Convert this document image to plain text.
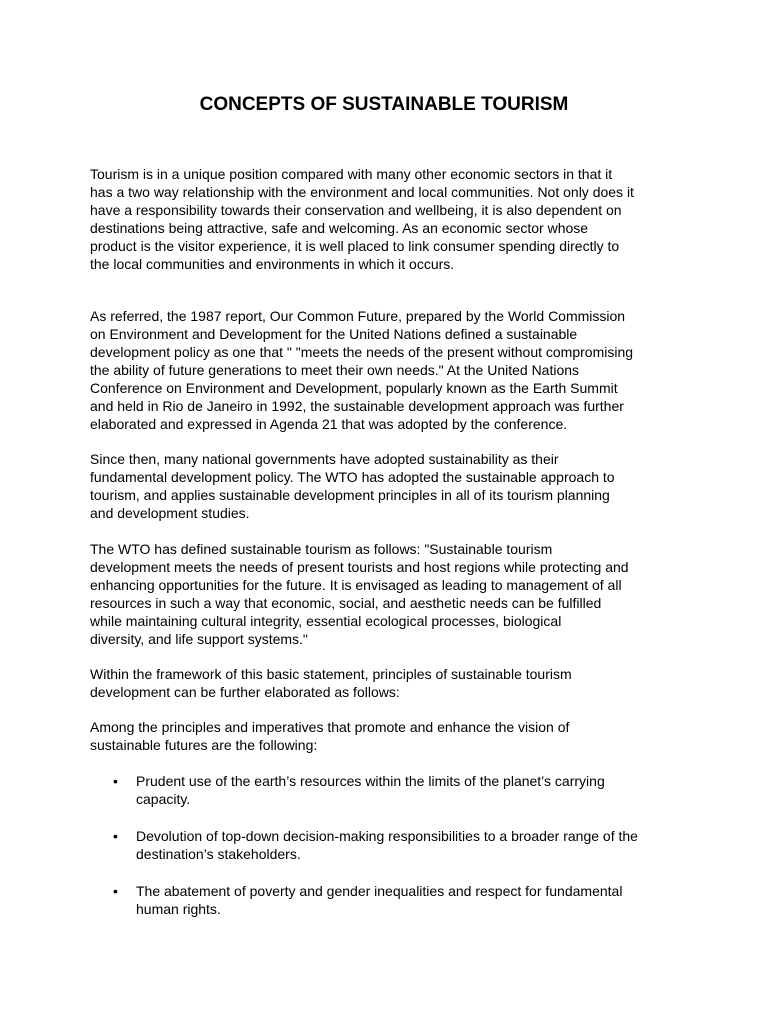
CONCEPTS OF SUSTAINABLE TOURISM

Tourism is in a unique position compared with many other economic sectors in that it
has a two way relationship with the environment and local communities. Not only does it
have a responsibility towards their conservation and wellbeing, it is also dependent on
destinations being attractive, safe and welcoming. As an economic sector whose
product is the visitor experience, it is well placed to link consumer spending directly to
the local communities and environments in which it occurs.

As referred, the 1987 report, Our Common Future, prepared by the World Commission
on Environment and Development for the United Nations defined a sustainable
development policy as one that " "meets the needs of the present without compromising
the ability of future generations to meet their own needs." At the United Nations
Conference on Environment and Development, popularly known as the Earth Summit
and held in Rio de Janeiro in 1992, the sustainable development approach was further
elaborated and expressed in Agenda 21 that was adopted by the conference.

Since then, many national governments have adopted sustainability as their
fundamental development policy. The WTO has adopted the sustainable approach to
tourism, and applies sustainable development principles in all of its tourism planning
and development studies.

The WTO has defined sustainable tourism as follows: "Sustainable tourism
development meets the needs of present tourists and host regions while protecting and
enhancing opportunities for the future. It is envisaged as leading to management of all
resources in such a way that economic, social, and aesthetic needs can be fulfilled
while maintaining cultural integrity, essential ecological processes, biological
diversity, and life support systems."

Within the framework of this basic statement, principles of sustainable tourism
development can be further elaborated as follows:

Among the principles and imperatives that promote and enhance the vision of
sustainable futures are the following:

• Prudent use of the earth’s resources within the limits of the planet’s carrying
capacity.
• Devolution of top-down decision-making responsibilities to a broader range of the
destination’s stakeholders.
• The abatement of poverty and gender inequalities and respect for fundamental
human rights.
